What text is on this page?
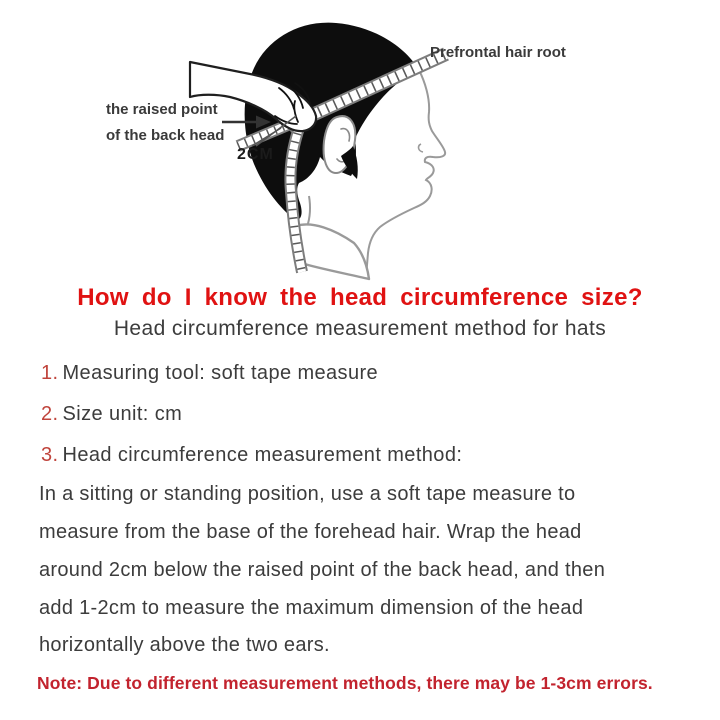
Prefrontal hair root
the raised point
of the back head
2CM
How do I know the head circumference size?
Head circumference measurement method for hats
1. Measuring tool: soft tape measure
2. Size unit: cm
3. Head circumference measurement method:
In a sitting or standing position, use a soft tape measure to
measure from the base of the forehead hair. Wrap the head
around 2cm below the raised point of the back head, and then
add 1-2cm to measure the maximum dimension of the head
horizontally above the two ears.
Note: Due to different measurement methods, there may be 1-3cm errors.
